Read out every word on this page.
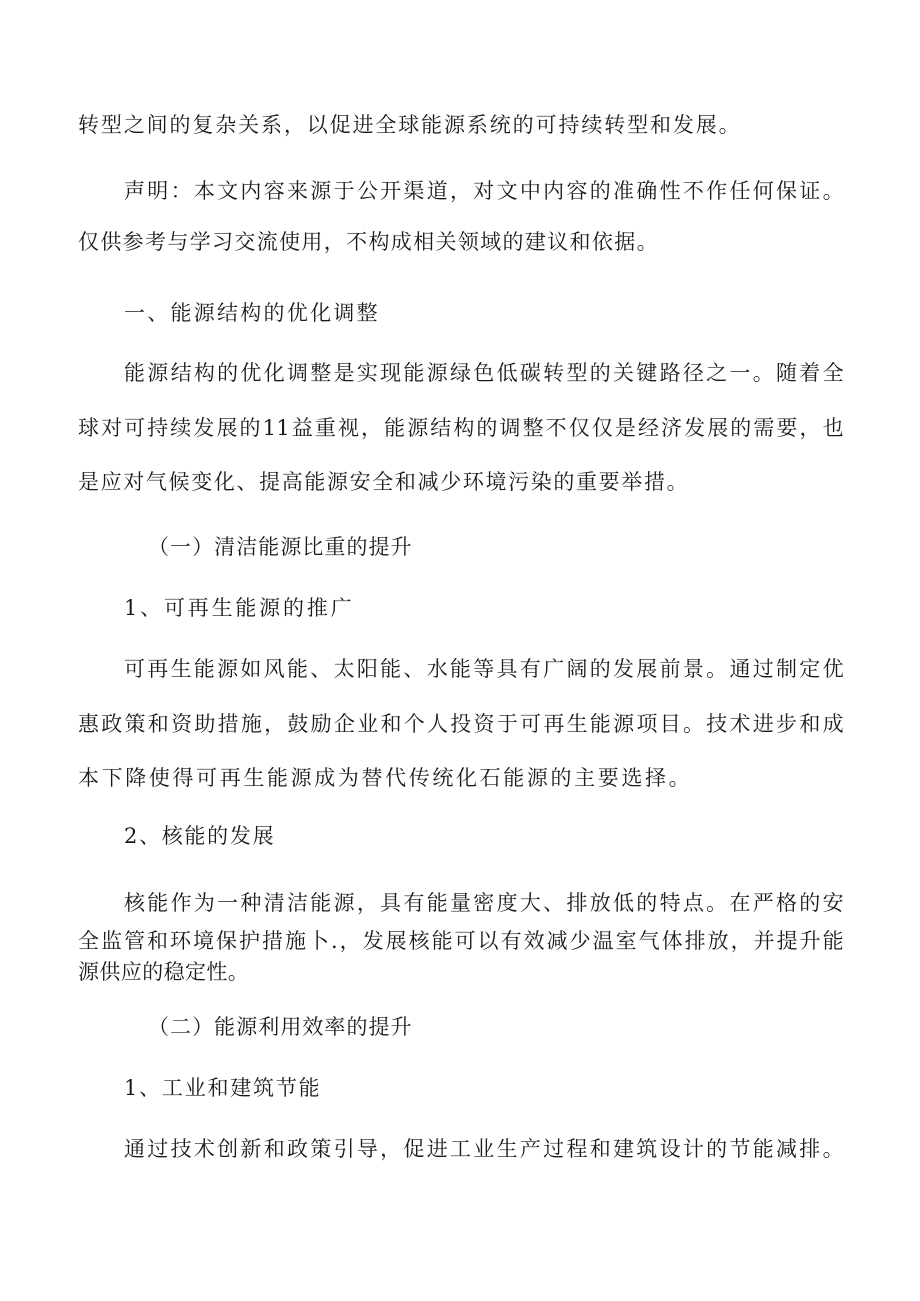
转型之间的复杂关系，以促进全球能源系统的可持续转型和发展。
声明：本文内容来源于公开渠道，对文中内容的准确性不作任何保证。
仅供参考与学习交流使用，不构成相关领域的建议和依据。
一、能源结构的优化调整
能源结构的优化调整是实现能源绿色低碳转型的关键路径之一。随着全
球对可持续发展的11益重视，能源结构的调整不仅仅是经济发展的需要，也
是应对气候变化、提高能源安全和减少环境污染的重要举措。
（一）清洁能源比重的提升
1、可再生能源的推广
可再生能源如风能、太阳能、水能等具有广阔的发展前景。通过制定优
惠政策和资助措施，鼓励企业和个人投资于可再生能源项目。技术进步和成
本下降使得可再生能源成为替代传统化石能源的主要选择。
2、核能的发展
核能作为一种清洁能源，具有能量密度大、排放低的特点。在严格的安
全监管和环境保护措施卜.，发展核能可以有效减少温室气体排放，并提升能
源供应的稳定性。
（二）能源利用效率的提升
1、工业和建筑节能
通过技术创新和政策引导，促进工业生产过程和建筑设计的节能减排。
